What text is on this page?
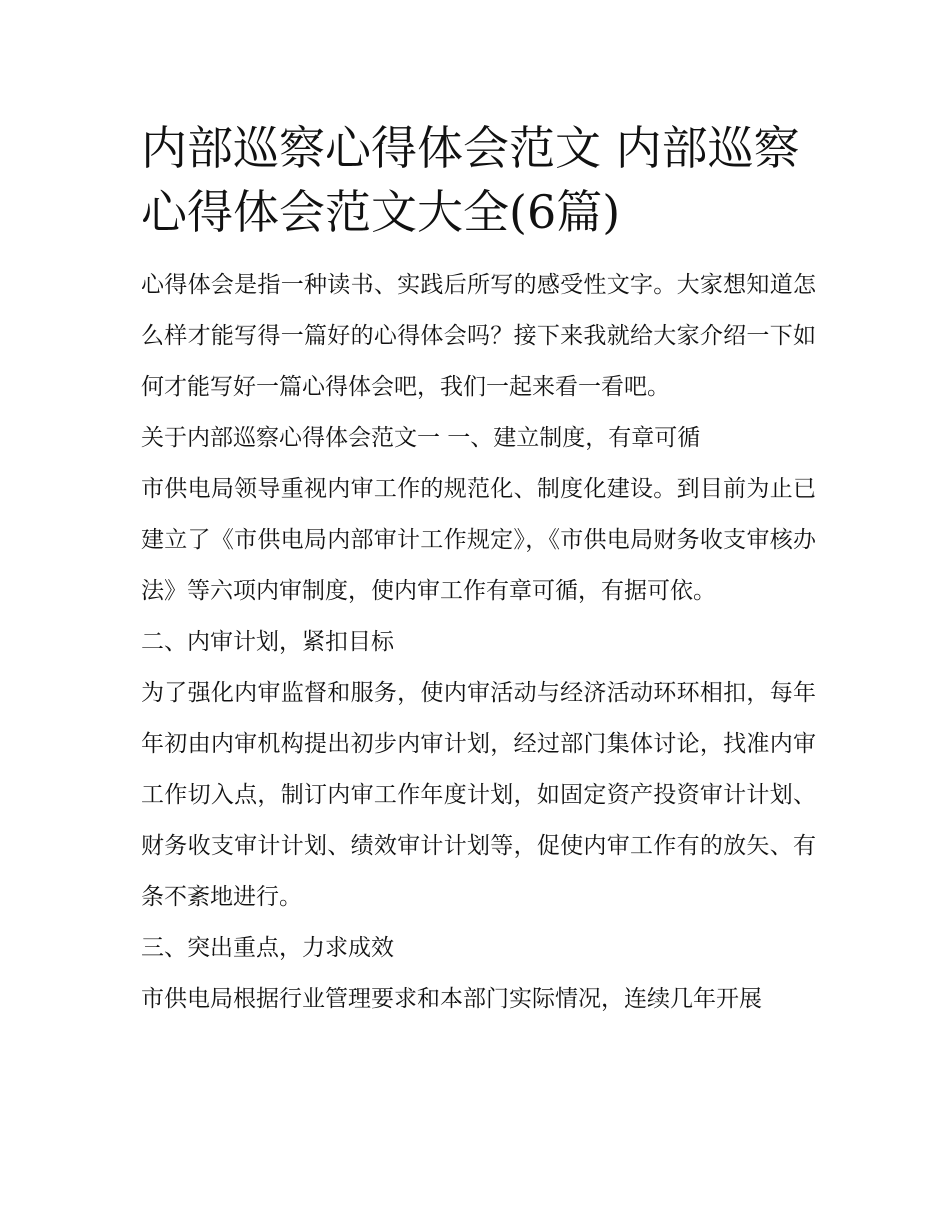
内部巡察心得体会范文 内部巡察心得体会范文大全(6篇)

心得体会是指一种读书、实践后所写的感受性文字。大家想知道怎么样才能写得一篇好的心得体会吗？接下来我就给大家介绍一下如何才能写好一篇心得体会吧，我们一起来看一看吧。

关于内部巡察心得体会范文一 一、建立制度，有章可循

市供电局领导重视内审工作的规范化、制度化建设。到目前为止已建立了《市供电局内部审计工作规定》，《市供电局财务收支审核办法》等六项内审制度，使内审工作有章可循，有据可依。

二、内审计划，紧扣目标

为了强化内审监督和服务，使内审活动与经济活动环环相扣，每年年初由内审机构提出初步内审计划，经过部门集体讨论，找准内审工作切入点，制订内审工作年度计划，如固定资产投资审计计划、财务收支审计计划、绩效审计计划等，促使内审工作有的放矢、有条不紊地进行。

三、突出重点，力求成效

市供电局根据行业管理要求和本部门实际情况，连续几年开展
